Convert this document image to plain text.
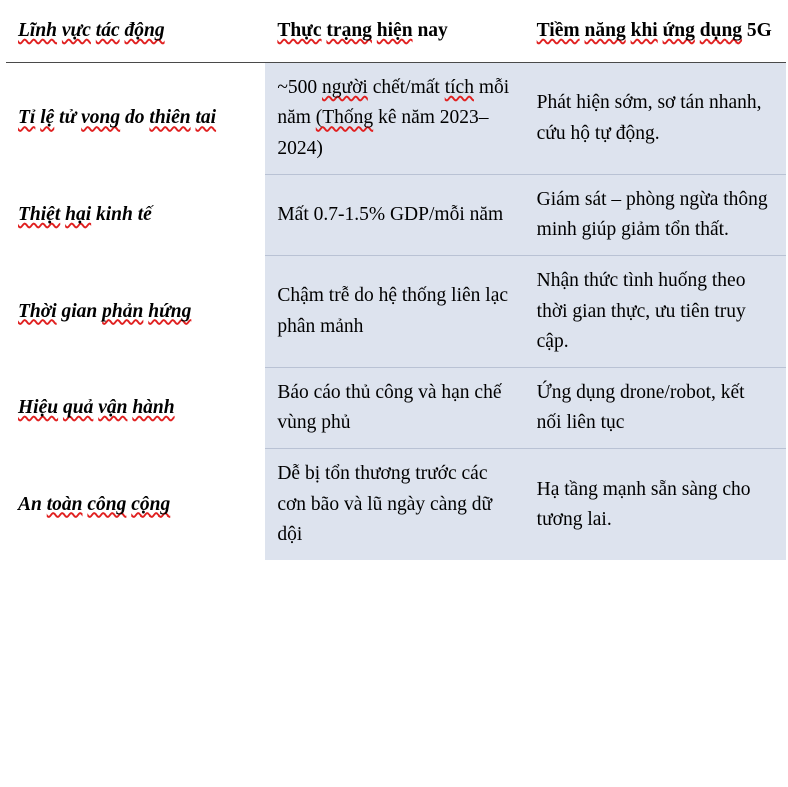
Lĩnh vực tác động	Thực trạng hiện nay	Tiềm năng khi ứng dụng 5G
Tỉ lệ tử vong do thiên tai	~500 người chết/mất tích mỗi năm (Thống kê năm 2023–2024)	Phát hiện sớm, sơ tán nhanh, cứu hộ tự động.
Thiệt hại kinh tế	Mất 0.7-1.5% GDP/mỗi năm	Giám sát – phòng ngừa thông minh giúp giảm tổn thất.
Thời gian phản hứng	Chậm trễ do hệ thống liên lạc phân mảnh	Nhận thức tình huống theo thời gian thực, ưu tiên truy cập.
Hiệu quả vận hành	Báo cáo thủ công và hạn chế vùng phủ	Ứng dụng drone/robot, kết nối liên tục
An toàn công cộng	Dễ bị tổn thương trước các cơn bão và lũ ngày càng dữ dội	Hạ tầng mạnh sẵn sàng cho tương lai.
